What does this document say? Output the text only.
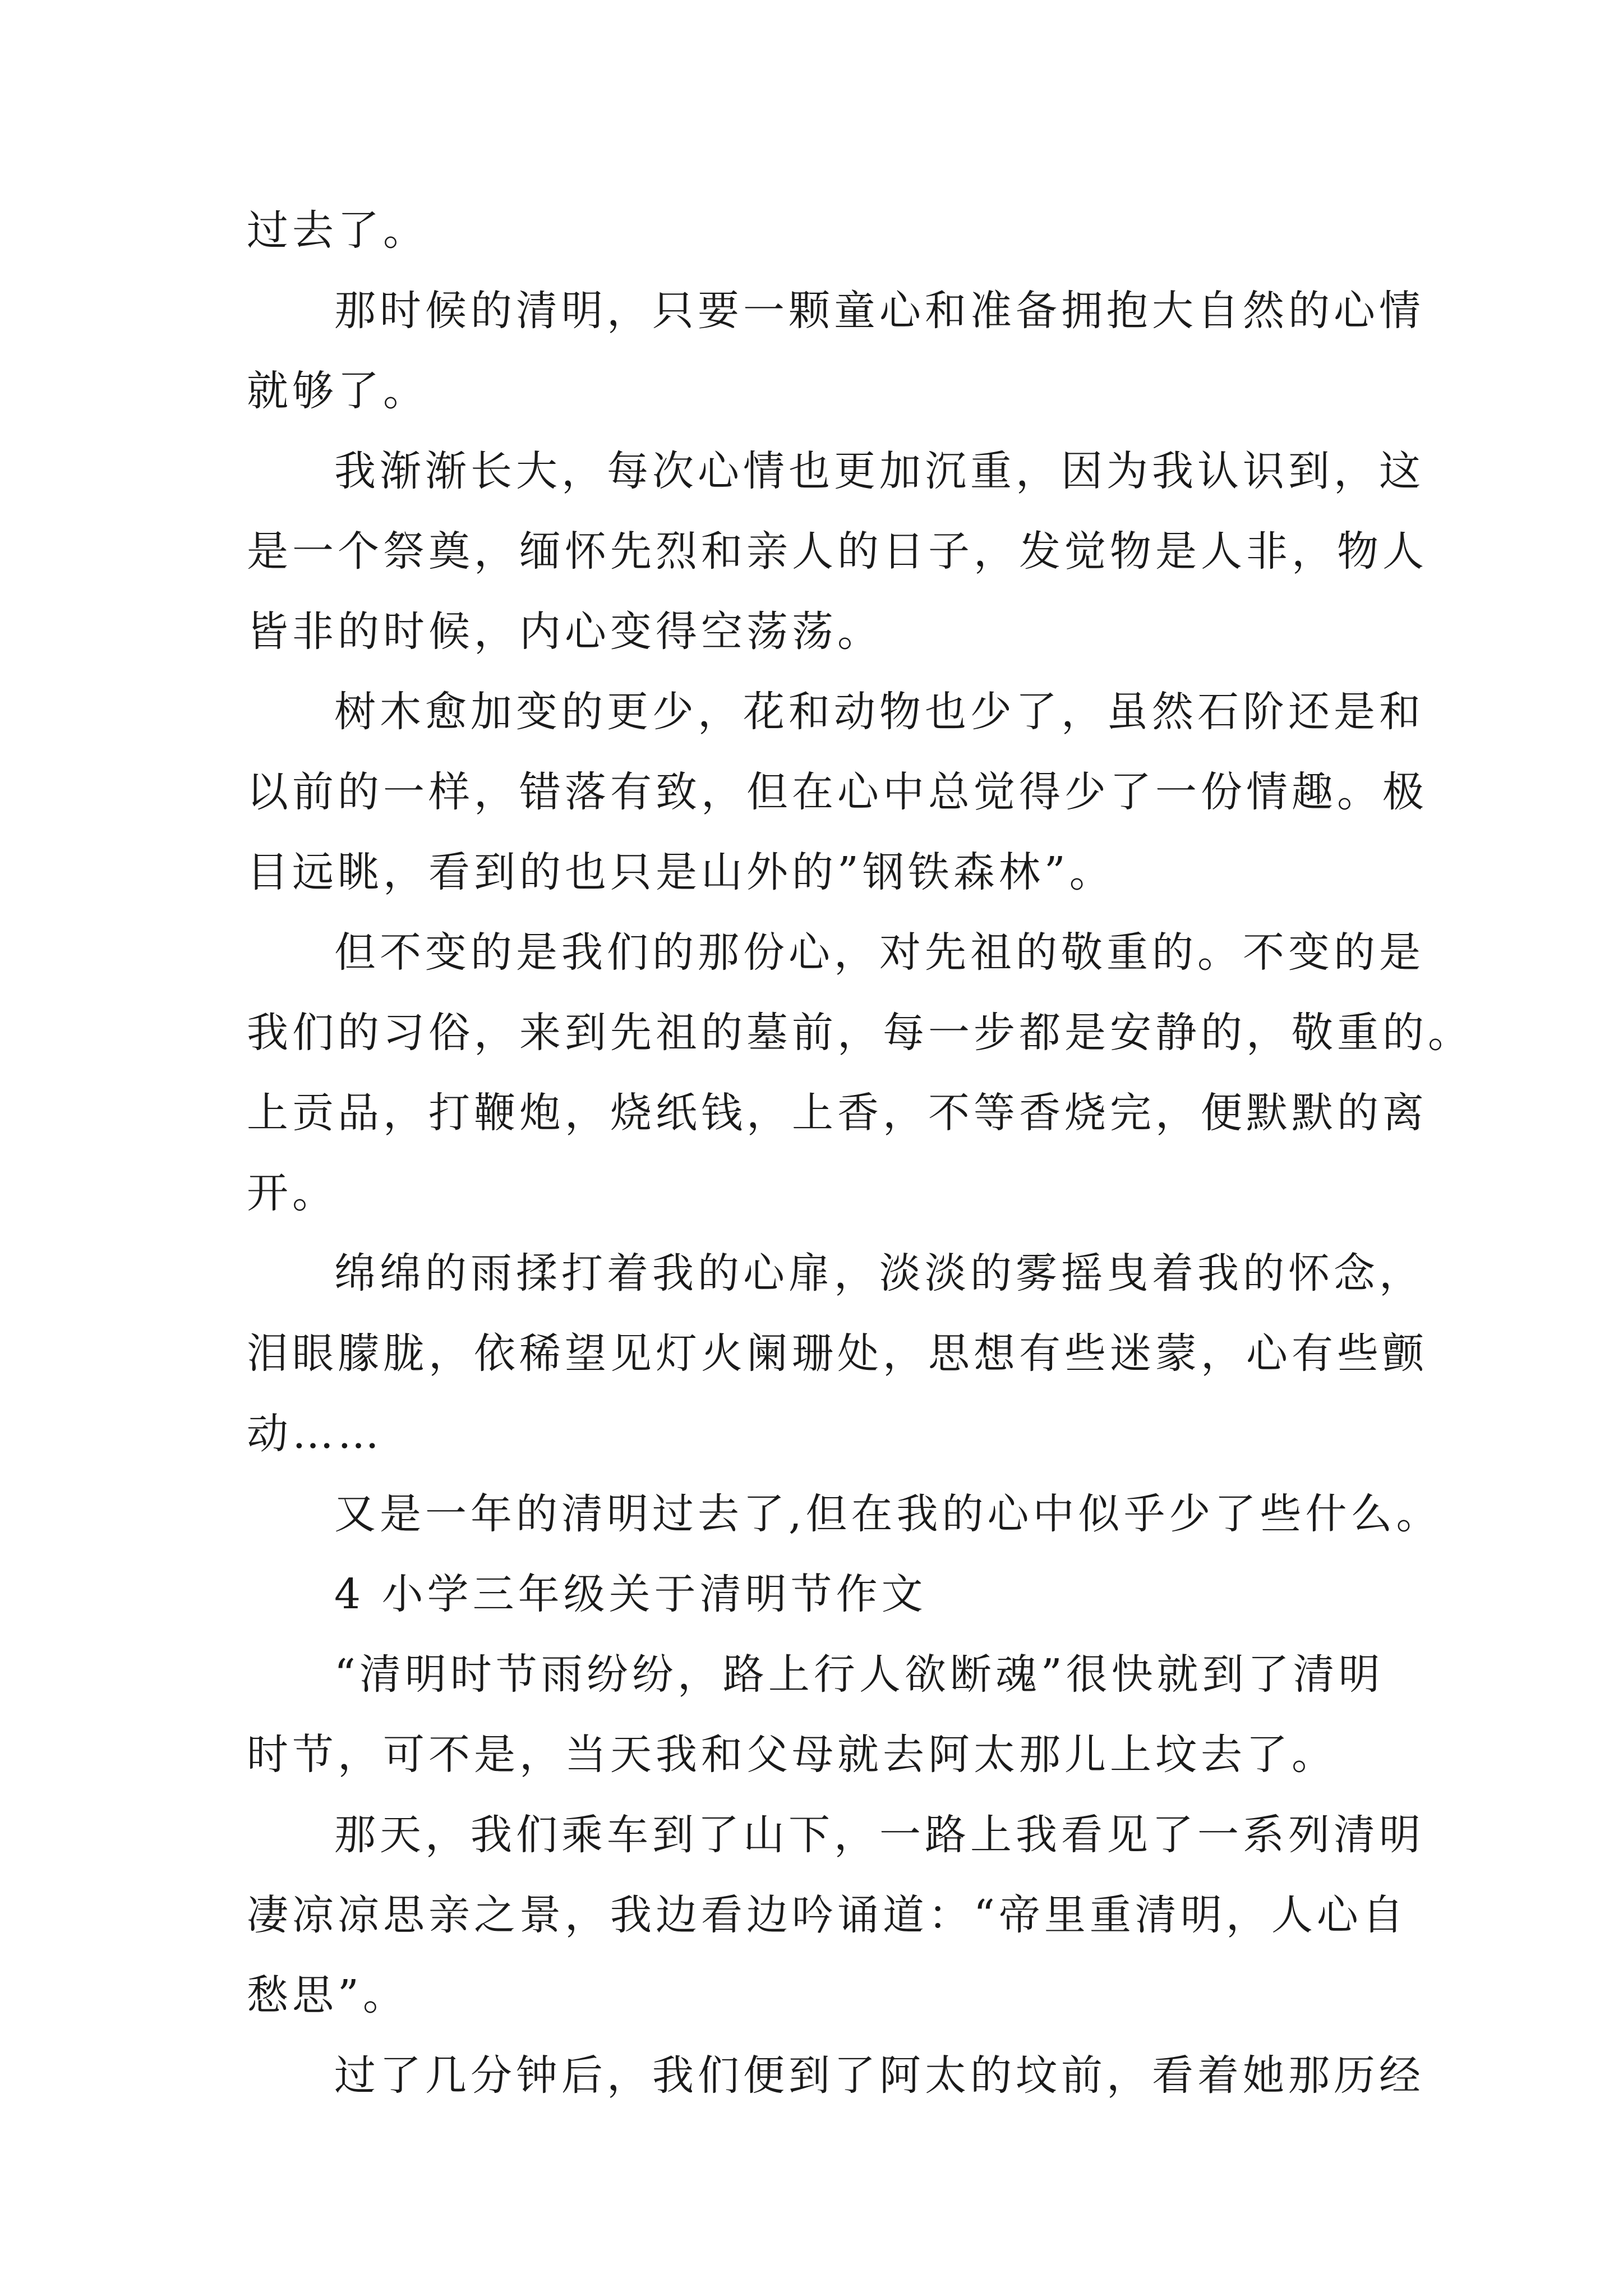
过去了。
那时候的清明，只要一颗童心和准备拥抱大自然的心情
就够了。
我渐渐长大，每次心情也更加沉重，因为我认识到，这
是一个祭奠，缅怀先烈和亲人的日子，发觉物是人非，物人
皆非的时候，内心变得空荡荡。
树木愈加变的更少，花和动物也少了，虽然石阶还是和
以前的一样，错落有致，但在心中总觉得少了一份情趣。极
目远眺，看到的也只是山外的”钢铁森林”。
但不变的是我们的那份心，对先祖的敬重的。不变的是
我们的习俗，来到先祖的墓前，每一步都是安静的，敬重的。
上贡品，打鞭炮，烧纸钱，上香，不等香烧完，便默默的离
开。
绵绵的雨揉打着我的心扉，淡淡的雾摇曳着我的怀念，
泪眼朦胧，依稀望见灯火阑珊处，思想有些迷蒙，心有些颤
动……
又是一年的清明过去了,但在我的心中似乎少了些什么。
4 小学三年级关于清明节作文
“清明时节雨纷纷，路上行人欲断魂”很快就到了清明
时节，可不是，当天我和父母就去阿太那儿上坟去了。
那天，我们乘车到了山下，一路上我看见了一系列清明
凄凉凉思亲之景，我边看边吟诵道：“帝里重清明，人心自
愁思”。
过了几分钟后，我们便到了阿太的坟前，看着她那历经
